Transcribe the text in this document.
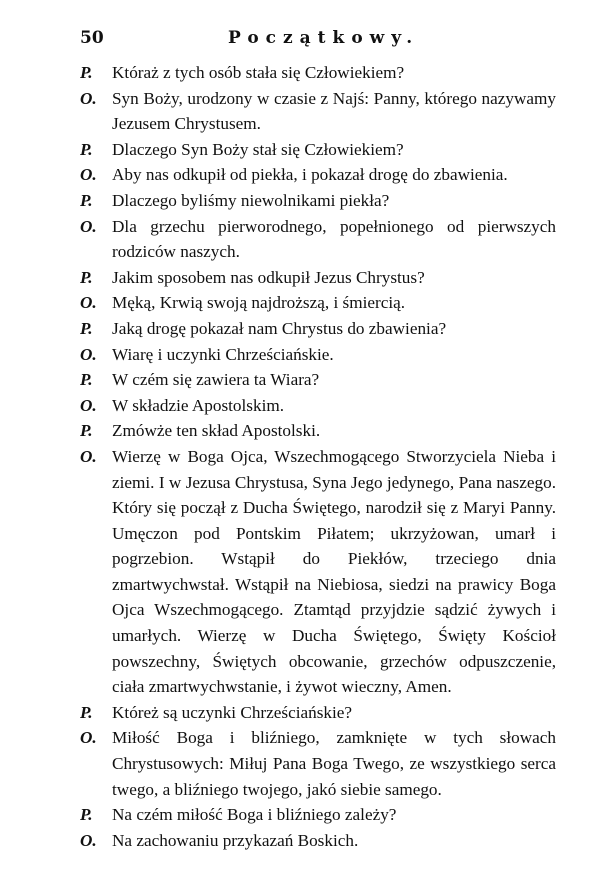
50	Początkowy.

P. Któraż z tych osób stała się Człowiekiem?

O. Syn Boży, urodzony w czasie z Najś: Panny, którego nazywamy Jezusem Chrystusem.

P. Dlaczego Syn Boży stał się Człowiekiem?

O. Aby nas odkupił od piekła, i pokazał drogę do zbawienia.

P. Dlaczego byliśmy niewolnikami piekła?

O. Dla grzechu pierworodnego, popełnionego od pierwszych rodziców naszych.

P. Jakim sposobem nas odkupił Jezus Chrystus?

O. Męką, Krwią swoją najdroższą, i śmiercią.

P. Jaką drogę pokazał nam Chrystus do zbawienia?

O. Wiarę i uczynki Chrześciańskie.

P. W czém się zawiera ta Wiara?

O. W składzie Apostolskim.

P. Zmówże ten skład Apostolski.

O. Wierzę w Boga Ojca, Wszechmogącego Stworzyciela Nieba i ziemi. I w Jezusa Chrystusa, Syna Jego jedynego, Pana naszego. Który się począł z Ducha Świętego, narodził się z Maryi Panny. Umęczon pod Pontskim Piłatem; ukrzyżowan, umarł i pogrzebion. Wstąpił do Piekłów, trzeciego dnia zmartwychwstał. Wstąpił na Niebiosa, siedzi na prawicy Boga Ojca Wszechmogącego. Ztamtąd przyjdzie sądzić żywych i umarłych. Wierzę w Ducha Świętego, Święty Kościoł powszechny, Świętych obcowanie, grzechów odpuszczenie, ciała zmartwychwstanie, i żywot wieczny, Amen.

P. Któreż są uczynki Chrześciańskie?

O. Miłość Boga i bliźniego, zamknięte w tych słowach Chrystusowych: Miłuj Pana Boga Twego, ze wszystkiego serca twego, a bliźniego twojego, jakó siebie samego.

P. Na czém miłość Boga i bliźniego zależy?

O. Na zachowaniu przykazań Boskich.
